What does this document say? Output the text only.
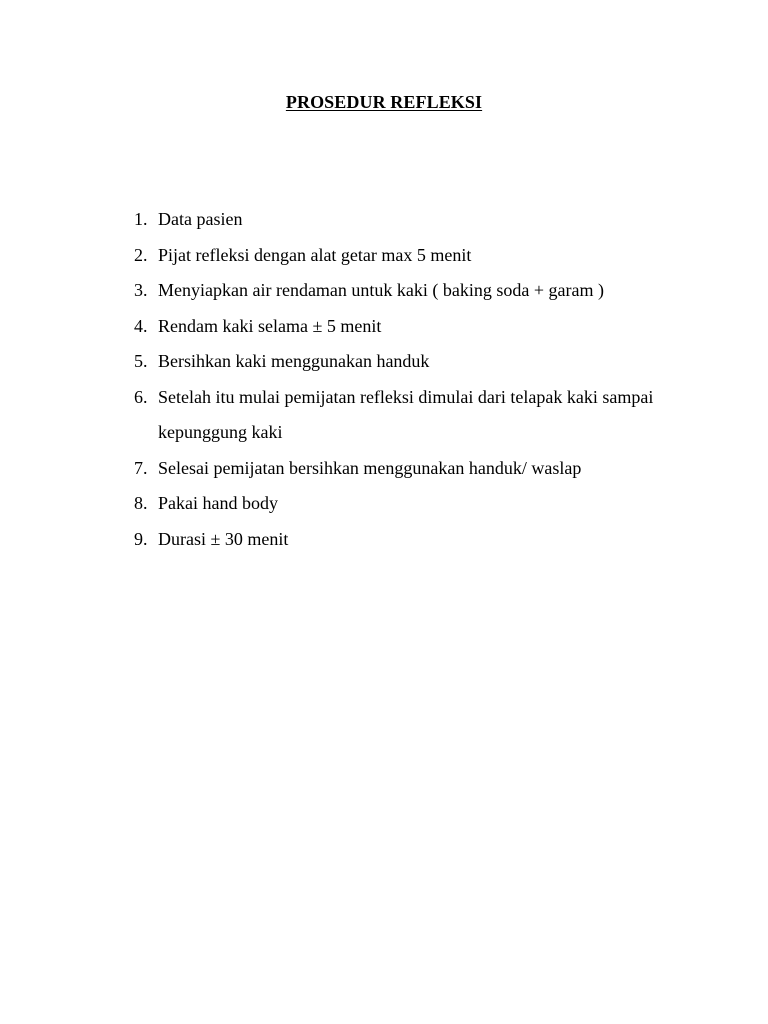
PROSEDUR REFLEKSI
1. Data pasien
2. Pijat refleksi dengan alat getar max 5 menit
3. Menyiapkan air rendaman untuk kaki ( baking soda + garam )
4. Rendam kaki selama ± 5 menit
5. Bersihkan kaki menggunakan handuk
6. Setelah itu mulai pemijatan refleksi dimulai dari telapak kaki sampai kepunggung kaki
7. Selesai pemijatan bersihkan menggunakan handuk/ waslap
8. Pakai hand body
9. Durasi ± 30 menit
